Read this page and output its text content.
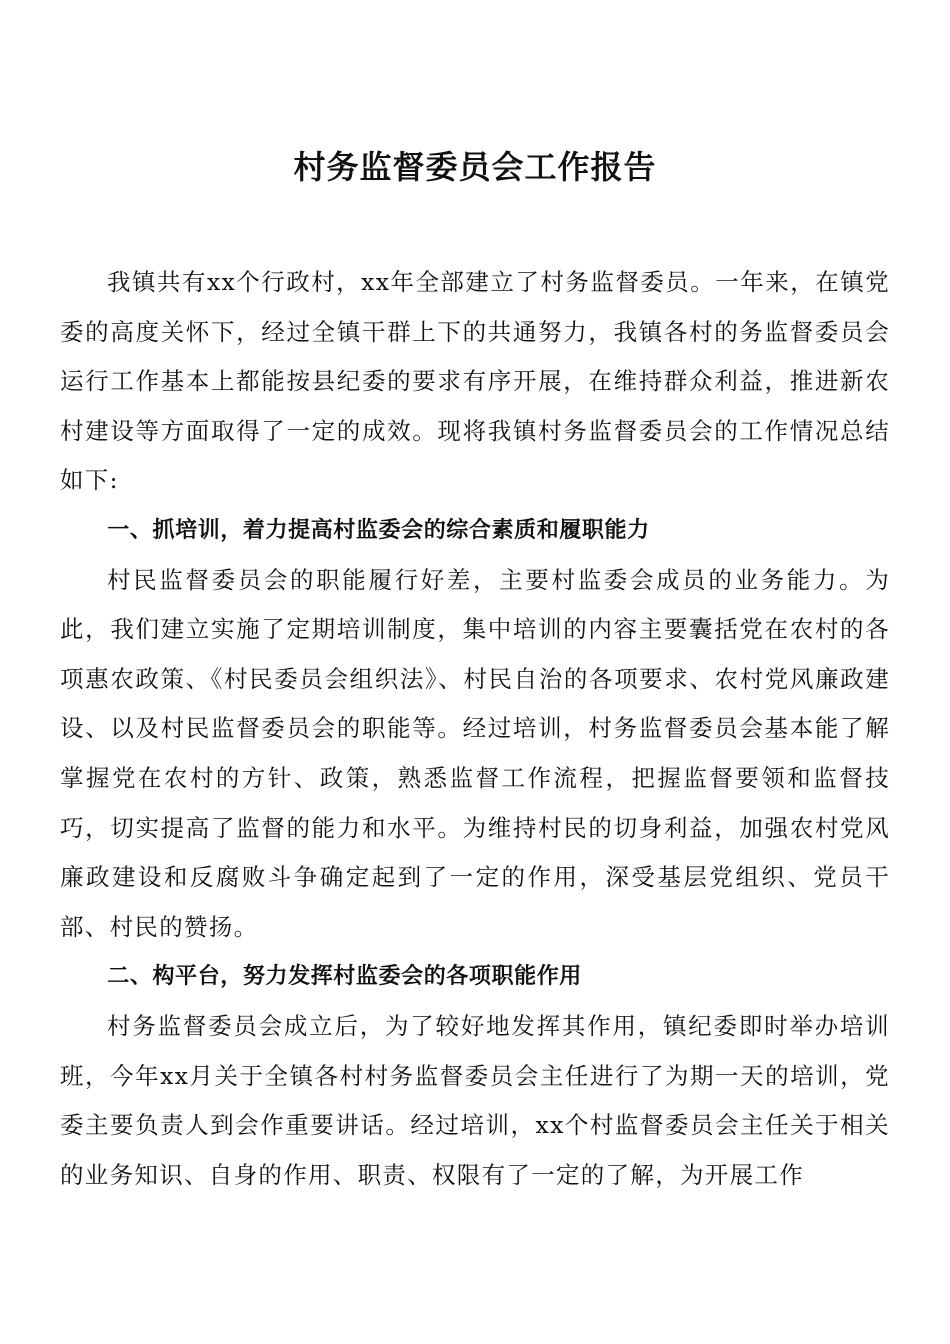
村务监督委员会工作报告

我镇共有xx个行政村，xx年全部建立了村务监督委员。一年来，在镇党委的高度关怀下，经过全镇干群上下的共通努力，我镇各村的务监督委员会运行工作基本上都能按县纪委的要求有序开展，在维持群众利益，推进新农村建设等方面取得了一定的成效。现将我镇村务监督委员会的工作情况总结如下:

一、抓培训，着力提高村监委会的综合素质和履职能力

村民监督委员会的职能履行好差，主要村监委会成员的业务能力。为此，我们建立实施了定期培训制度，集中培训的内容主要囊括党在农村的各项惠农政策、《村民委员会组织法》、村民自治的各项要求、农村党风廉政建设、以及村民监督委员会的职能等。经过培训，村务监督委员会基本能了解掌握党在农村的方针、政策，熟悉监督工作流程，把握监督要领和监督技巧，切实提高了监督的能力和水平。为维持村民的切身利益，加强农村党风廉政建设和反腐败斗争确定起到了一定的作用，深受基层党组织、党员干部、村民的赞扬。

二、构平台，努力发挥村监委会的各项职能作用

村务监督委员会成立后，为了较好地发挥其作用，镇纪委即时举办培训班，今年xx月关于全镇各村村务监督委员会主任进行了为期一天的培训，党委主要负责人到会作重要讲话。经过培训，xx个村监督委员会主任关于相关的业务知识、自身的作用、职责、权限有了一定的了解，为开展工作
